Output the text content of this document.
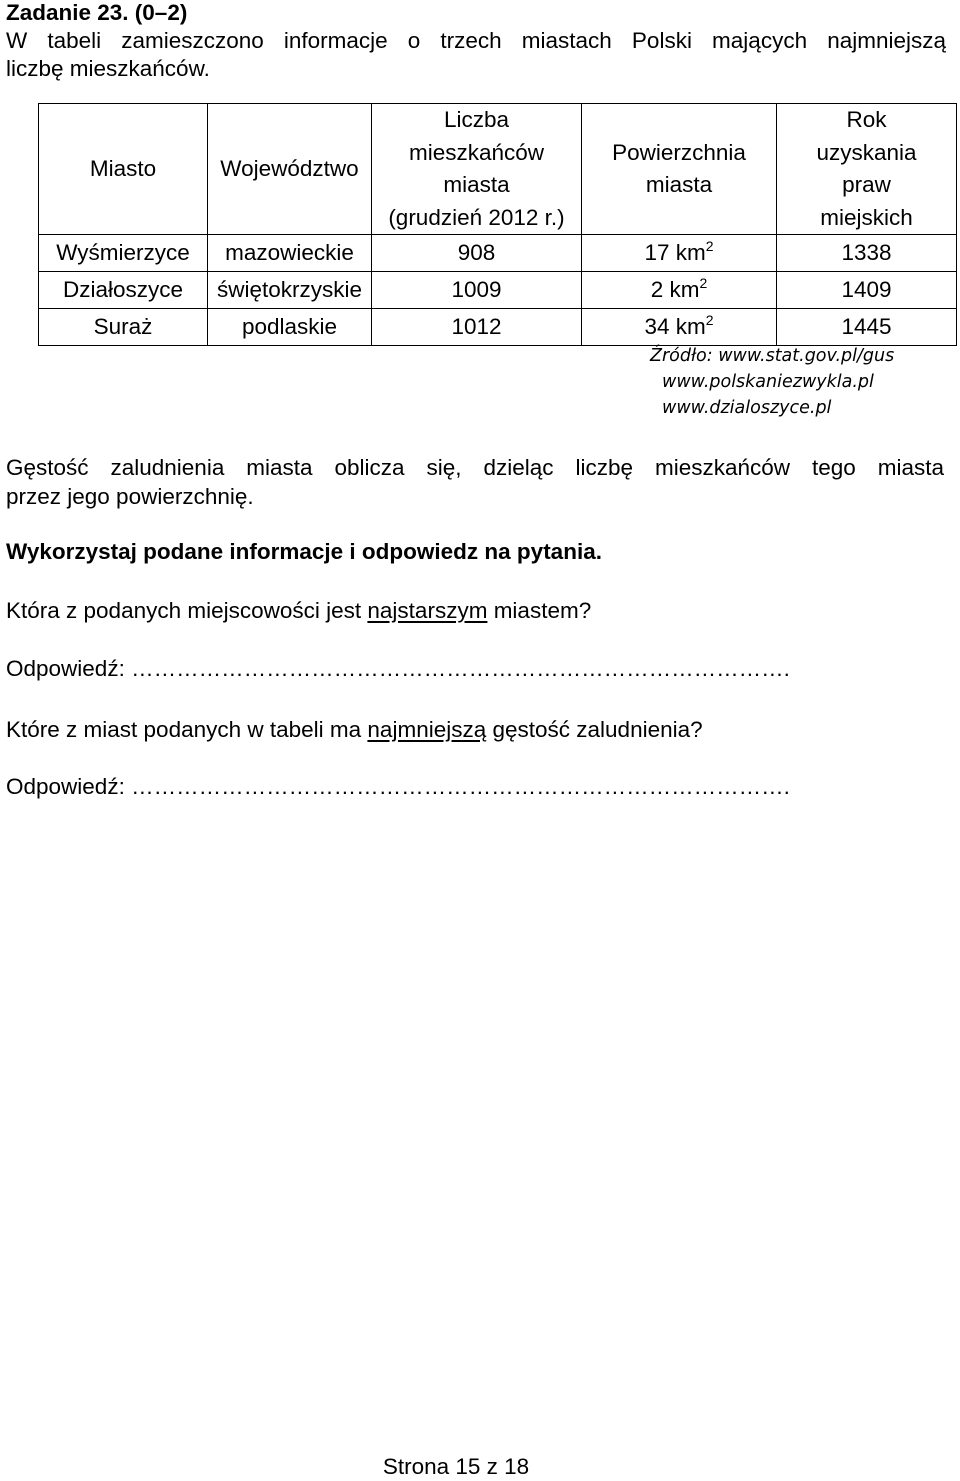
Zadanie 23. (0–2)
W tabeli zamieszczono informacje o trzech miastach Polski mających najmniejszą
liczbę mieszkańców.
Miasto	Województwo	Liczba
mieszkańców
miasta
(grudzień 2012 r.)	Powierzchnia
miasta	Rok
uzyskania
praw
miejskich
Wyśmierzyce	mazowieckie	908	17 $km^2$	1338
Działoszyce	świętokrzyskie	1009	2 $km^2$	1409
Suraż	podlaskie	1012	34 $km^2$	1445
Źródło: www.stat.gov.pl/gus
www.polskaniezwykla.pl
www.dzialoszyce.pl
Gęstość zaludnienia miasta oblicza się, dzieląc liczbę mieszkańców tego miasta
przez jego powierzchnię.
Wykorzystaj podane informacje i odpowiedz na pytania.
Która z podanych miejscowości jest najstarszym miastem?
Odpowiedź: …………………………………………………………………………….
Które z miast podanych w tabeli ma najmniejszą gęstość zaludnienia?
Odpowiedź: …………………………………………………………………………….
Strona 15 z 18
